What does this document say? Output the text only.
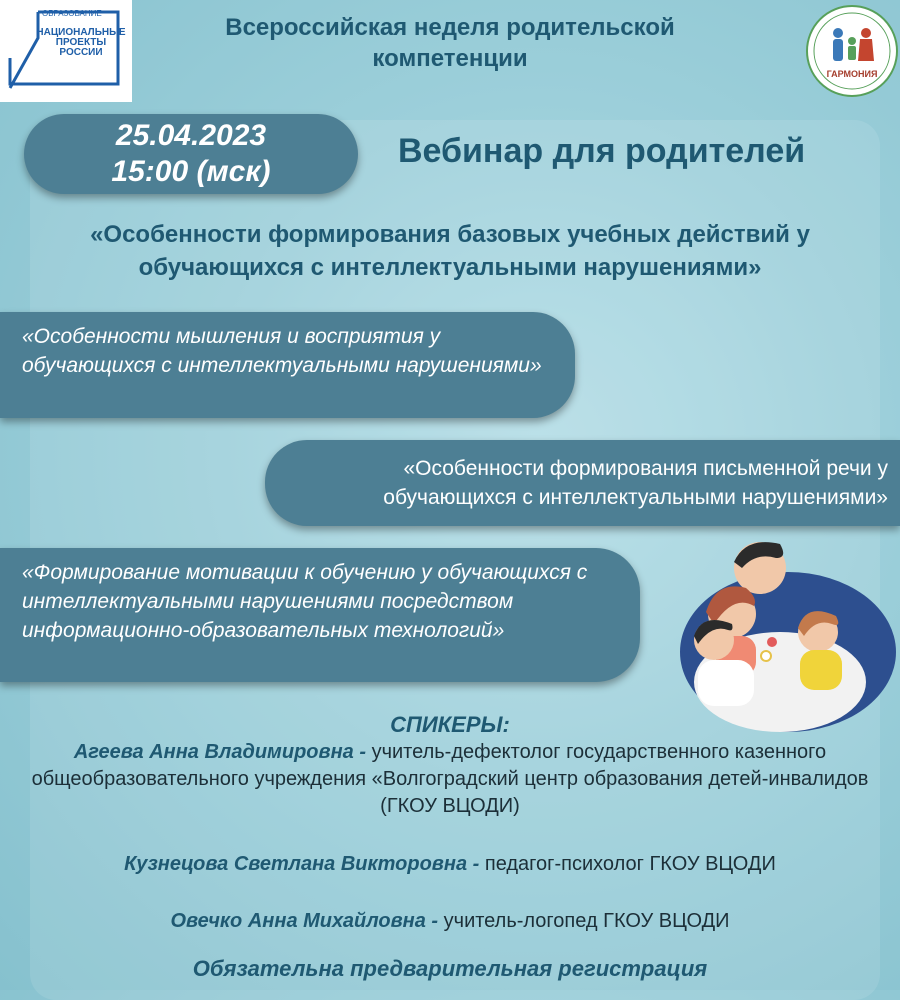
ОБРАЗОВАНИЕ
НАЦИОНАЛЬНЫЕ ПРОЕКТЫ РОССИИ
Всероссийская неделя родительской компетенции
ГАРМОНИЯ
25.04.2023
15:00 (мск)
Вебинар для родителей
«Особенности формирования базовых учебных действий у обучающихся с интеллектуальными нарушениями»
«Особенности мышления и восприятия у обучающихся с интеллектуальными нарушениями»
«Особенности формирования письменной речи у обучающихся с интеллектуальными нарушениями»
«Формирование мотивации к обучению у обучающихся с интеллектуальными нарушениями посредством информационно-образовательных технологий»
СПИКЕРЫ:
Агеева Анна Владимировна - учитель-дефектолог государственного казенного общеобразовательного учреждения «Волгоградский центр образования детей-инвалидов (ГКОУ ВЦОДИ)
Кузнецова Светлана Викторовна - педагог-психолог ГКОУ ВЦОДИ
Овечко Анна Михайловна - учитель-логопед ГКОУ ВЦОДИ
Обязательна предварительная регистрация
